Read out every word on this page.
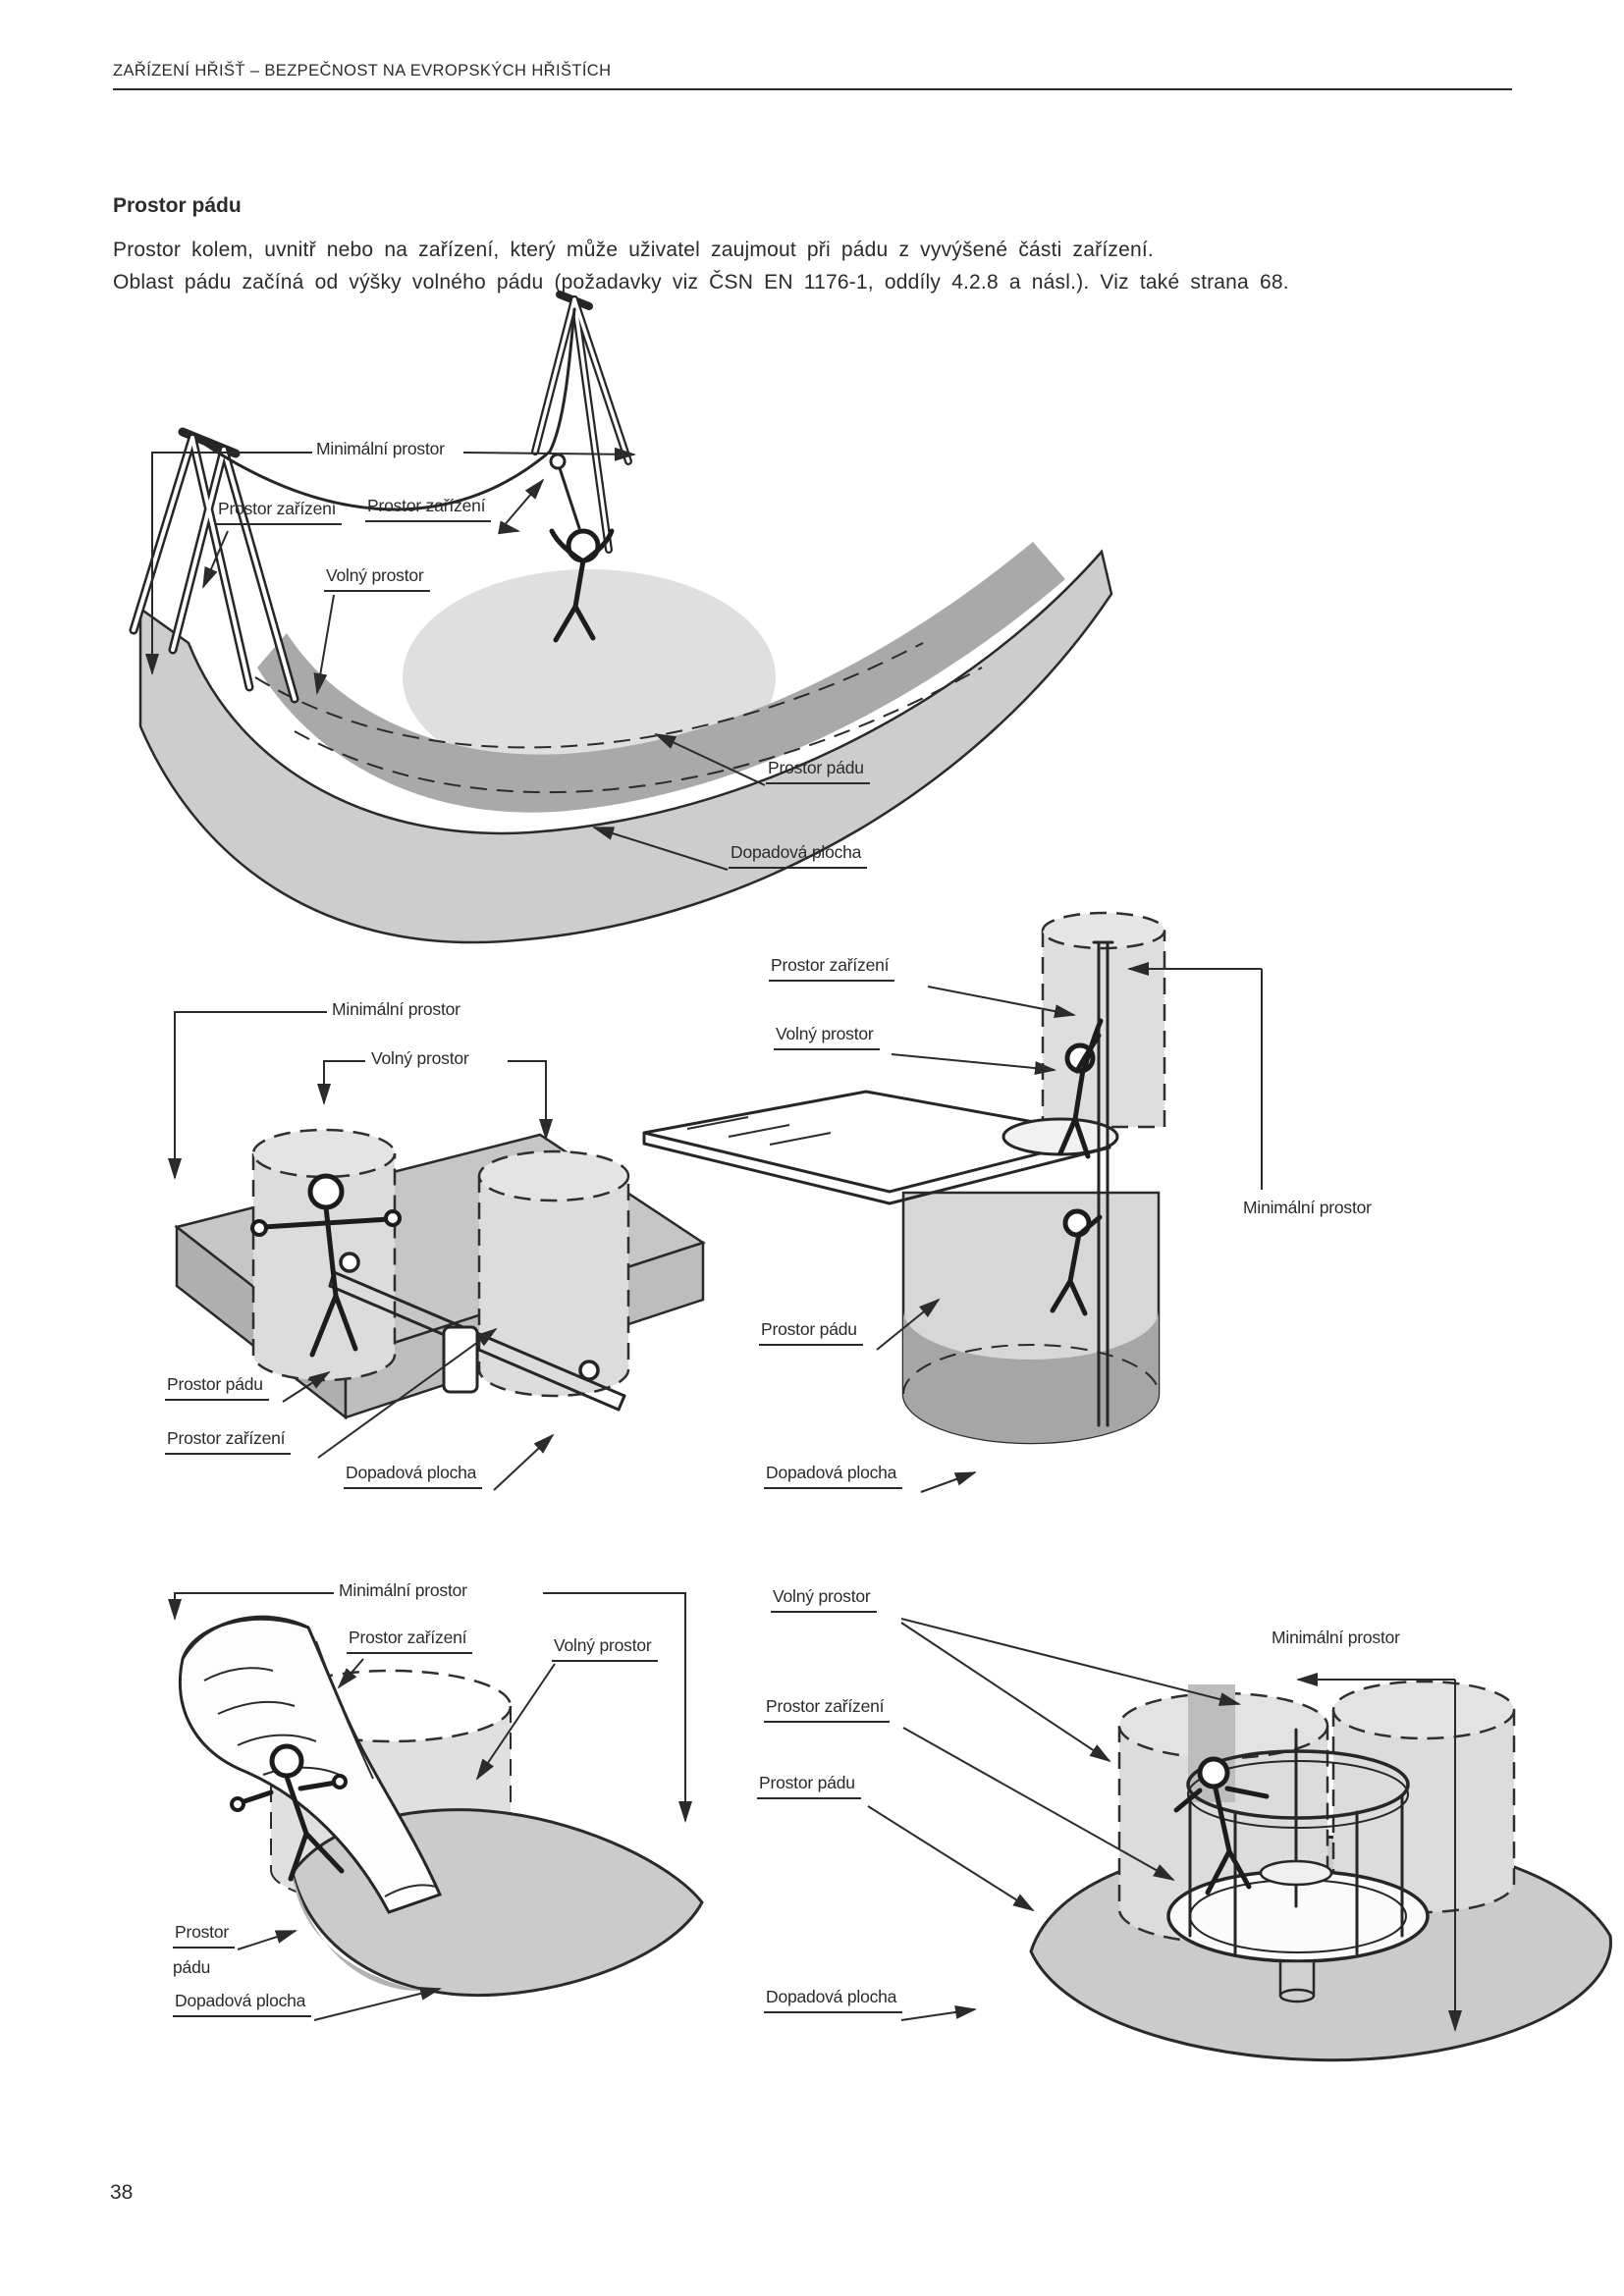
ZAŘÍZENÍ HŘIŠŤ – BEZPEČNOST NA EVROPSKÝCH HŘIŠTÍCH
Prostor pádu
Prostor kolem, uvnitř nebo na zařízení, který může uživatel zaujmout při pádu z vyvýšené části zařízení.
Oblast pádu začíná od výšky volného pádu (požadavky viz ČSN EN 1176-1, oddíly 4.2.8 a násl.). Viz také strana 68.
Minimální prostor
Prostor zařízení	Prostor zařízení
Volný prostor
Prostor pádu
Dopadová plocha
Minimální prostor
Volný prostor
Prostor pádu
Prostor zařízení
Dopadová plocha
Prostor zařízení
Volný prostor
Minimální prostor
Prostor pádu
Dopadová plocha
Minimální prostor
Prostor zařízení	Volný prostor
Prostor
pádu
Dopadová plocha
Volný prostor
Minimální prostor
Prostor zařízení
Prostor pádu
Dopadová plocha
38
